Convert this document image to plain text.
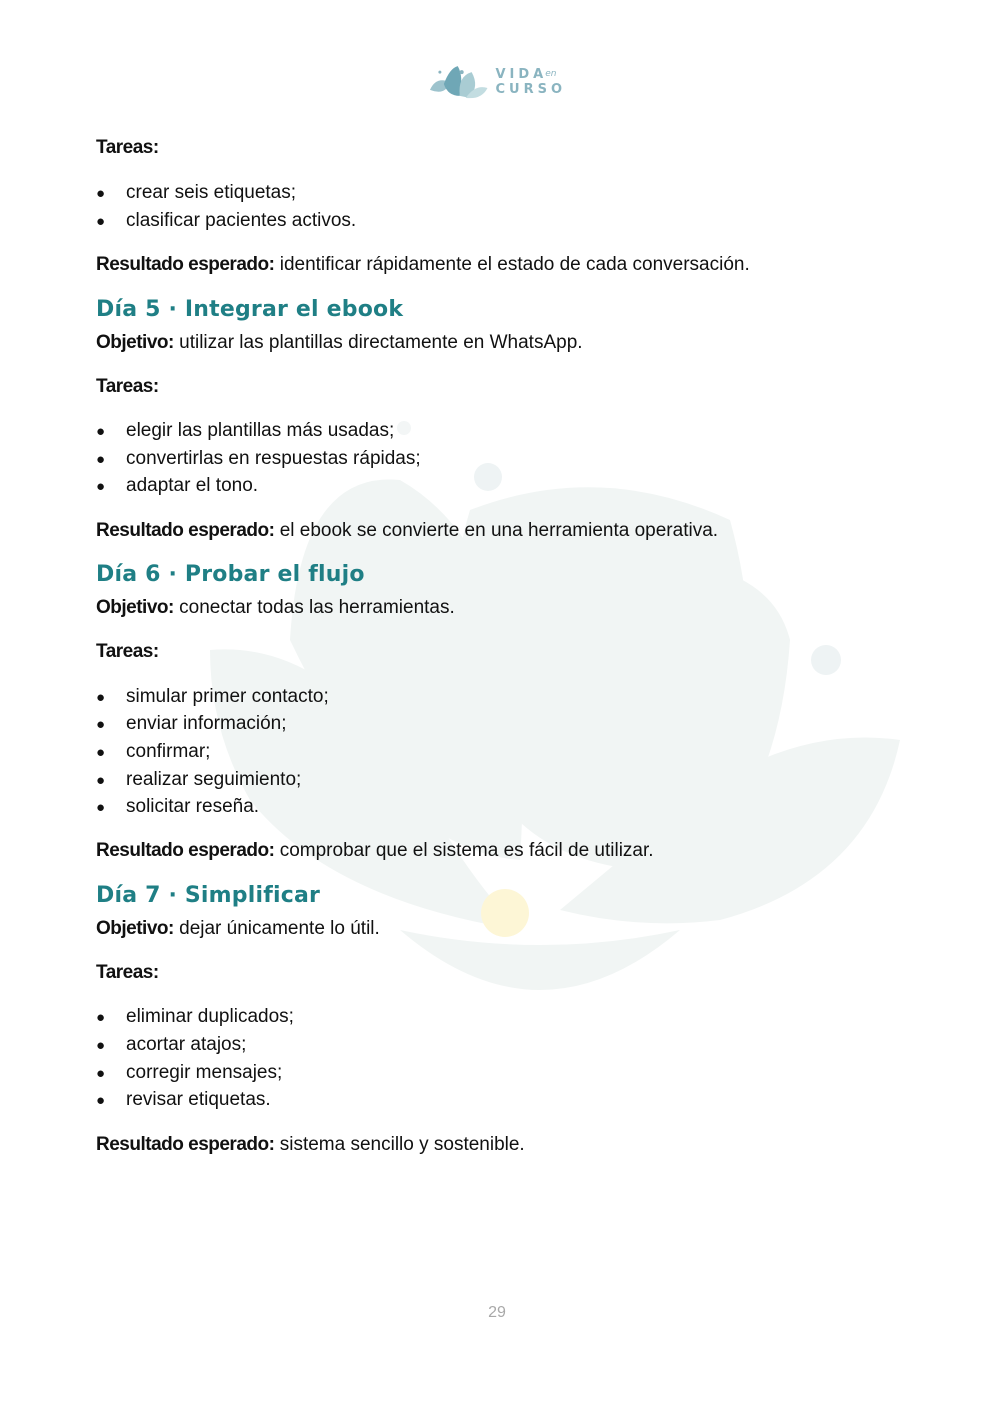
$VIDA^{en}$
CURSO
Tareas:
● crear seis etiquetas;
● clasificar pacientes activos.
Resultado esperado: identificar rápidamente el estado de cada conversación.
Día 5 · Integrar el ebook
Objetivo: utilizar las plantillas directamente en WhatsApp.
Tareas:
● elegir las plantillas más usadas;
● convertirlas en respuestas rápidas;
● adaptar el tono.
Resultado esperado: el ebook se convierte en una herramienta operativa.
Día 6 · Probar el flujo
Objetivo: conectar todas las herramientas.
Tareas:
● simular primer contacto;
● enviar información;
● confirmar;
● realizar seguimiento;
● solicitar reseña.
Resultado esperado: comprobar que el sistema es fácil de utilizar.
Día 7 · Simplificar
Objetivo: dejar únicamente lo útil.
Tareas:
● eliminar duplicados;
● acortar atajos;
● corregir mensajes;
● revisar etiquetas.
Resultado esperado: sistema sencillo y sostenible.
29
